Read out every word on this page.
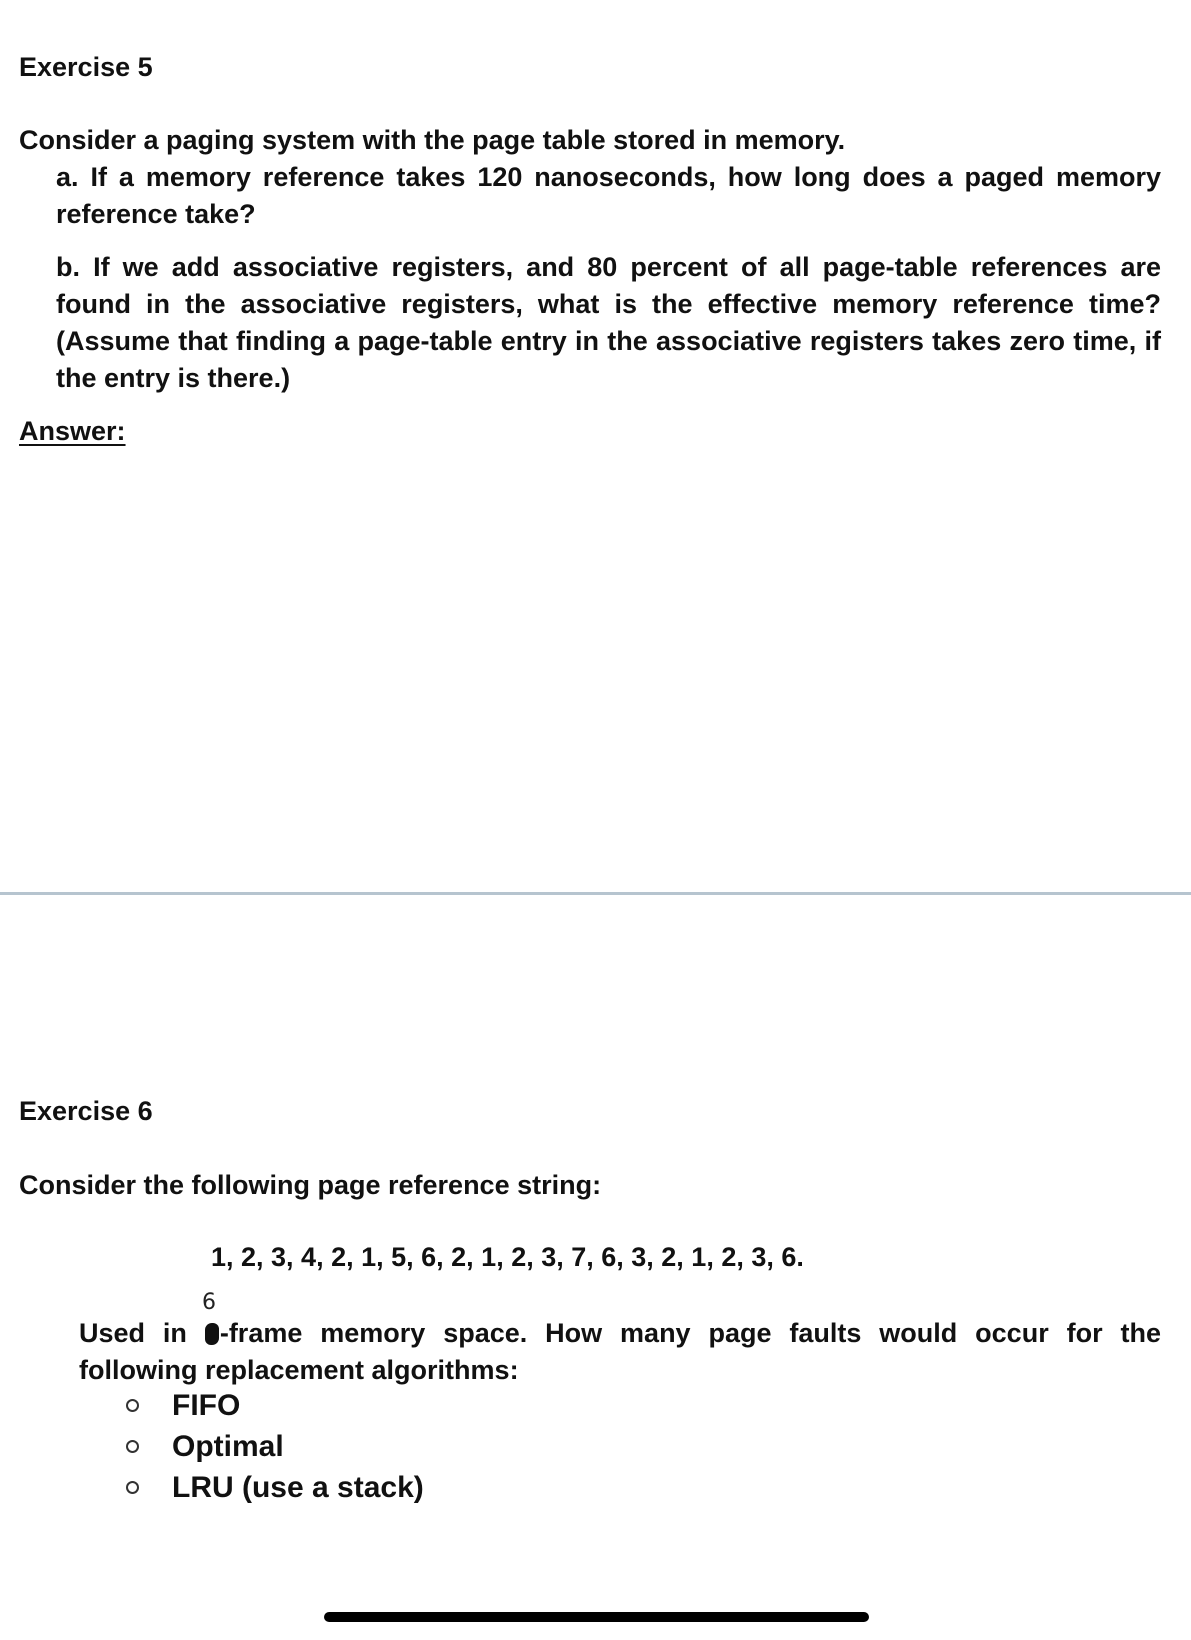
Exercise 5

Consider a paging system with the page table stored in memory.

a. If a memory reference takes 120 nanoseconds, how long does a paged memory reference take?

b. If we add associative registers, and 80 percent of all page-table references are found in the associative registers, what is the effective memory reference time? (Assume that finding a page-table entry in the associative registers takes zero time, if the entry is there.)

Answer:

Exercise 6

Consider the following page reference string:

1, 2, 3, 4, 2, 1, 5, 6, 2, 1, 2, 3, 7, 6, 3, 2, 1, 2, 3, 6.

6

Used in -frame memory space. How many page faults would occur for the following replacement algorithms:

FIFO
Optimal
LRU (use a stack)
